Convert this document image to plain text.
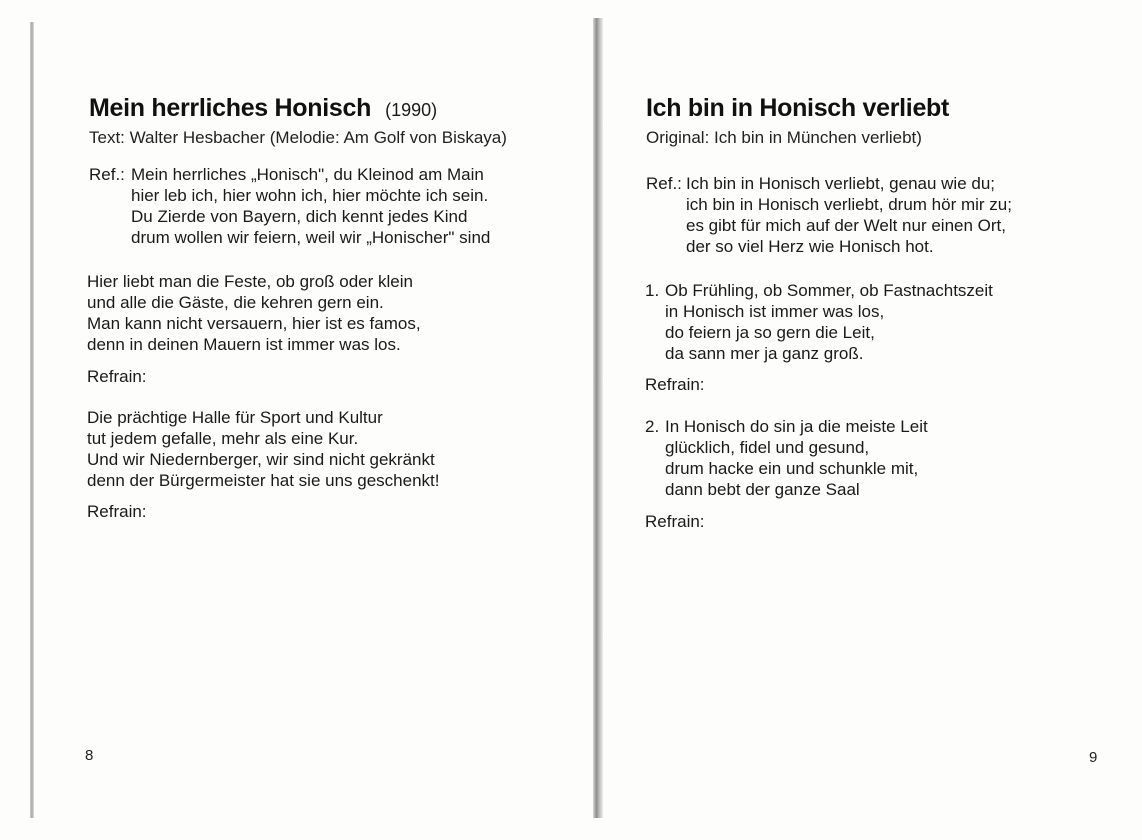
Mein herrliches Honisch (1990)
Text: Walter Hesbacher (Melodie: Am Golf von Biskaya)
Ref.: Mein herrliches „Honisch", du Kleinod am Main
hier leb ich, hier wohn ich, hier möchte ich sein.
Du Zierde von Bayern, dich kennt jedes Kind
drum wollen wir feiern, weil wir „Honischer" sind
Hier liebt man die Feste, ob groß oder klein
und alle die Gäste, die kehren gern ein.
Man kann nicht versauern, hier ist es famos,
denn in deinen Mauern ist immer was los.
Refrain:
Die prächtige Halle für Sport und Kultur
tut jedem gefalle, mehr als eine Kur.
Und wir Niedernberger, wir sind nicht gekränkt
denn der Bürgermeister hat sie uns geschenkt!
Refrain:
8
Ich bin in Honisch verliebt
Original: Ich bin in München verliebt)
Ref.: Ich bin in Honisch verliebt, genau wie du;
ich bin in Honisch verliebt, drum hör mir zu;
es gibt für mich auf der Welt nur einen Ort,
der so viel Herz wie Honisch hot.
1. Ob Frühling, ob Sommer, ob Fastnachtszeit
in Honisch ist immer was los,
do feiern ja so gern die Leit,
da sann mer ja ganz groß.
Refrain:
2. In Honisch do sin ja die meiste Leit
glücklich, fidel und gesund,
drum hacke ein und schunkle mit,
dann bebt der ganze Saal
Refrain:
9
